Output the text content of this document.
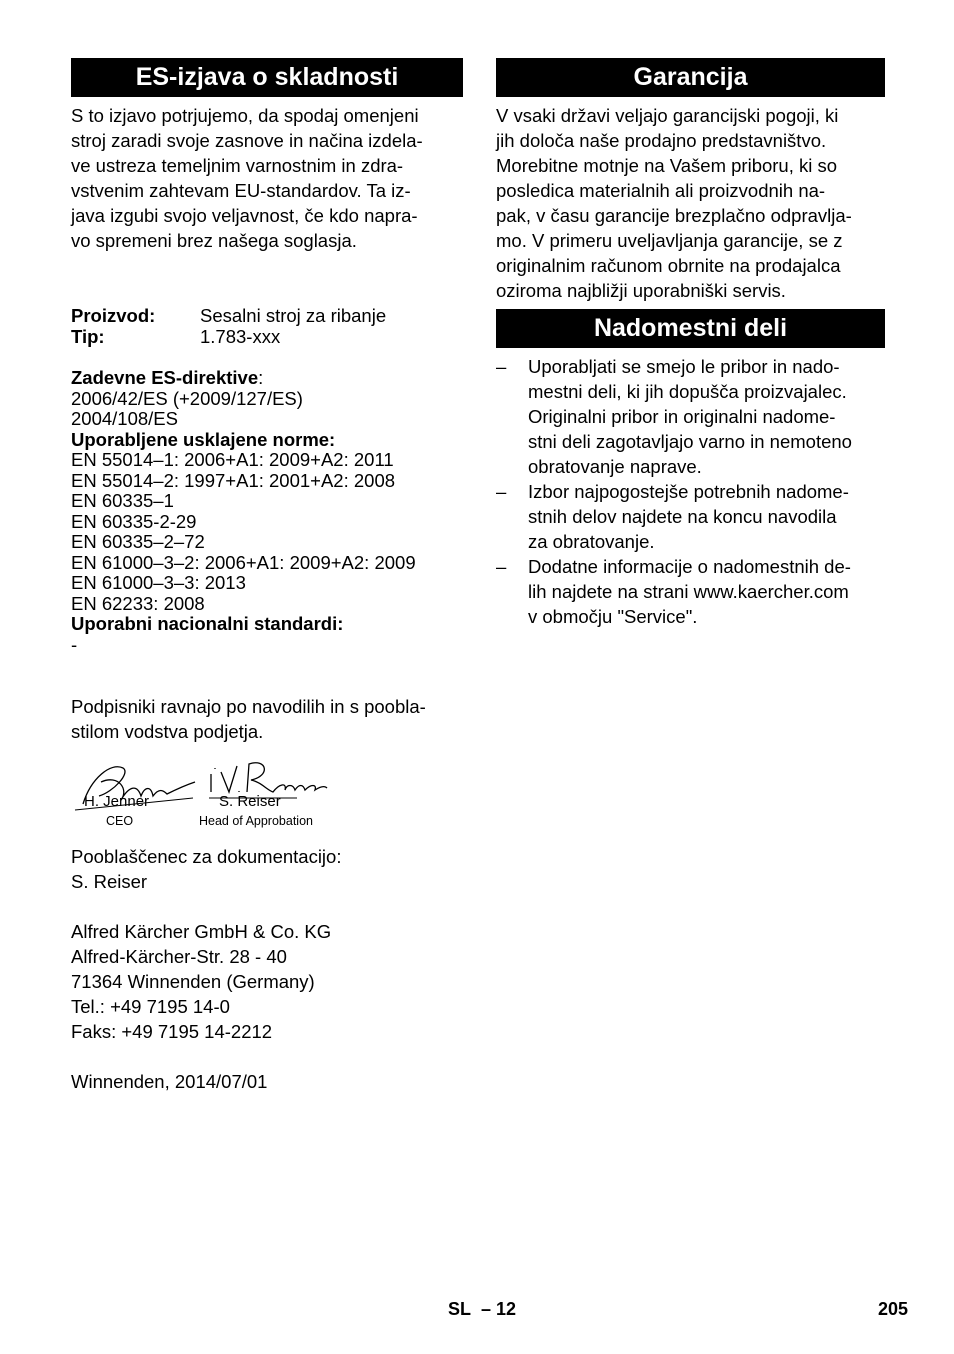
ES-izjava o skladnosti
S to izjavo potrjujemo, da spodaj omenjeni
stroj zaradi svoje zasnove in načina izdela-
ve ustreza temeljnim varnostnim in zdra-
vstvenim zahtevam EU-standardov. Ta iz-
java izgubi svojo veljavnost, če kdo napra-
vo spremeni brez našega soglasja.
Proizvod:	Sesalni stroj za ribanje
Tip:	1.783-xxx
Zadevne ES-direktive:
2006/42/ES (+2009/127/ES)
2004/108/ES
Uporabljene usklajene norme:
EN 55014–1: 2006+A1: 2009+A2: 2011
EN 55014–2: 1997+A1: 2001+A2: 2008
EN 60335–1
EN 60335-2-29
EN 60335–2–72
EN 61000–3–2: 2006+A1: 2009+A2: 2009
EN 61000–3–3: 2013
EN 62233: 2008
Uporabni nacionalni standardi:
-
Podpisniki ravnajo po navodilih in s poobla-
stilom vodstva podjetja.
H. Jenner
CEO
S. Reiser
Head of Approbation
Pooblaščenec za dokumentacijo:
S. Reiser
Alfred Kärcher GmbH & Co. KG
Alfred-Kärcher-Str. 28 - 40
71364 Winnenden (Germany)
Tel.: +49 7195 14-0
Faks: +49 7195 14-2212
Winnenden, 2014/07/01
Garancija
V vsaki državi veljajo garancijski pogoji, ki
jih določa naše prodajno predstavništvo.
Morebitne motnje na Vašem priboru, ki so
posledica materialnih ali proizvodnih na-
pak, v času garancije brezplačno odpravlja-
mo. V primeru uveljavljanja garancije, se z
originalnim računom obrnite na prodajalca
oziroma najbližji uporabniški servis.
Nadomestni deli
–	Uporabljati se smejo le pribor in nado-
mestni deli, ki jih dopušča proizvajalec.
Originalni pribor in originalni nadome-
stni deli zagotavljajo varno in nemoteno
obratovanje naprave.
–	Izbor najpogostejše potrebnih nadome-
stnih delov najdete na koncu navodila
za obratovanje.
–	Dodatne informacije o nadomestnih de-
lih najdete na strani www.kaercher.com
v območju "Service".
SL – 12	205
